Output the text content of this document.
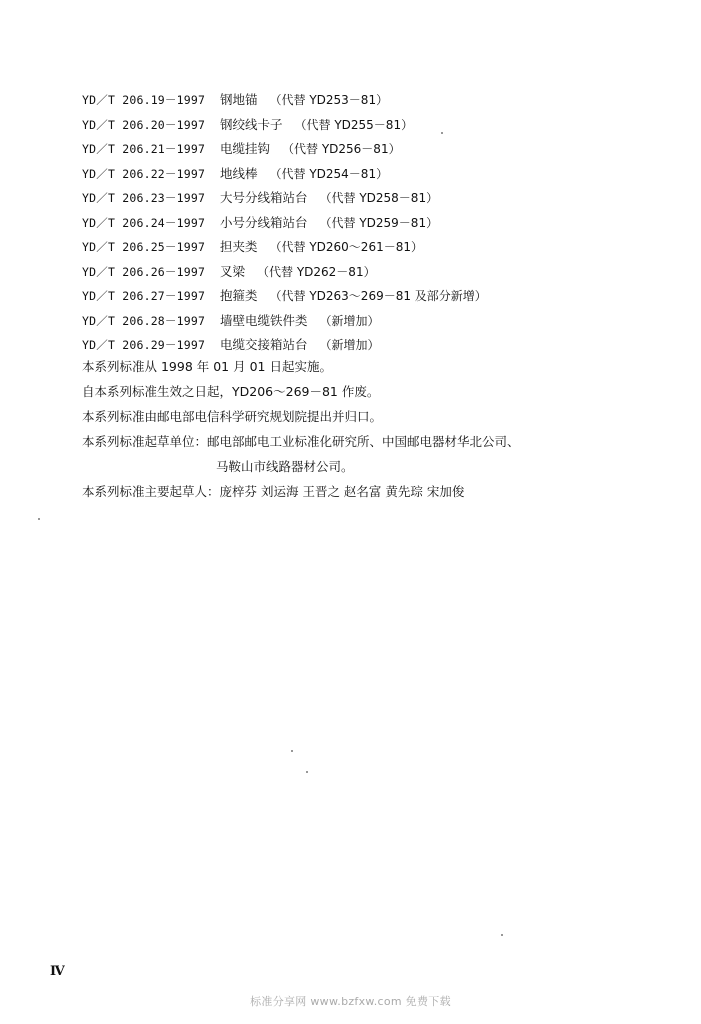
YD／T 206.19－1997 钢地锚 （代替 YD253－81）
YD／T 206.20－1997 钢绞线卡子 （代替 YD255－81）
YD／T 206.21－1997 电缆挂钩 （代替 YD256－81）
YD／T 206.22－1997 地线棒 （代替 YD254－81）
YD／T 206.23－1997 大号分线箱站台 （代替 YD258－81）
YD／T 206.24－1997 小号分线箱站台 （代替 YD259－81）
YD／T 206.25－1997 担夹类 （代替 YD260～261－81）
YD／T 206.26－1997 叉梁 （代替 YD262－81）
YD／T 206.27－1997 抱箍类 （代替 YD263～269－81 及部分新增）
YD／T 206.28－1997 墙壁电缆铁件类 （新增加）
YD／T 206.29－1997 电缆交接箱站台 （新增加）
本系列标准从 1998 年 01 月 01 日起实施。
自本系列标准生效之日起，YD206～269－81 作废。
本系列标准由邮电部电信科学研究规划院提出并归口。
本系列标准起草单位：邮电部邮电工业标准化研究所、中国邮电器材华北公司、
马鞍山市线路器材公司。
本系列标准主要起草人：庞梓芬 刘运海 王晋之 赵名富 黄先琮 宋加俊
Ⅳ
标准分享网 www.bzfxw.com 免费下载
